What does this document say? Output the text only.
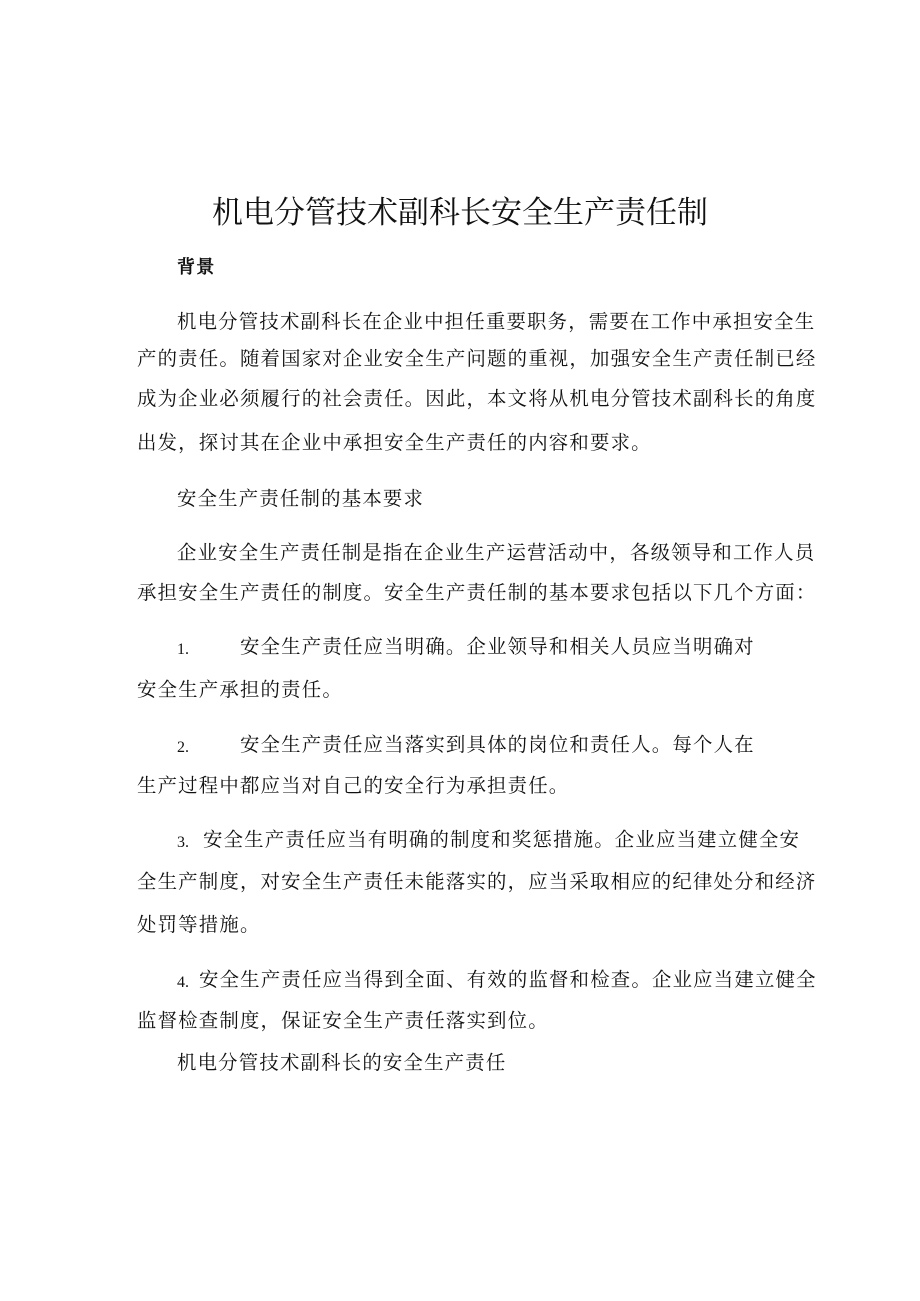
机电分管技术副科长安全生产责任制
背景
机电分管技术副科长在企业中担任重要职务，需要在工作中承担安全生
产的责任。随着国家对企业安全生产问题的重视，加强安全生产责任制已经
成为企业必须履行的社会责任。因此，本文将从机电分管技术副科长的角度
出发，探讨其在企业中承担安全生产责任的内容和要求。
安全生产责任制的基本要求
企业安全生产责任制是指在企业生产运营活动中，各级领导和工作人员
承担安全生产责任的制度。安全生产责任制的基本要求包括以下几个方面：
1.	安全生产责任应当明确。企业领导和相关人员应当明确对
安全生产承担的责任。
2.	安全生产责任应当落实到具体的岗位和责任人。每个人在
生产过程中都应当对自己的安全行为承担责任。
3. 安全生产责任应当有明确的制度和奖惩措施。企业应当建立健全安
全生产制度，对安全生产责任未能落实的，应当采取相应的纪律处分和经济
处罚等措施。
4. 安全生产责任应当得到全面、有效的监督和检查。企业应当建立健全
监督检查制度，保证安全生产责任落实到位。
机电分管技术副科长的安全生产责任
